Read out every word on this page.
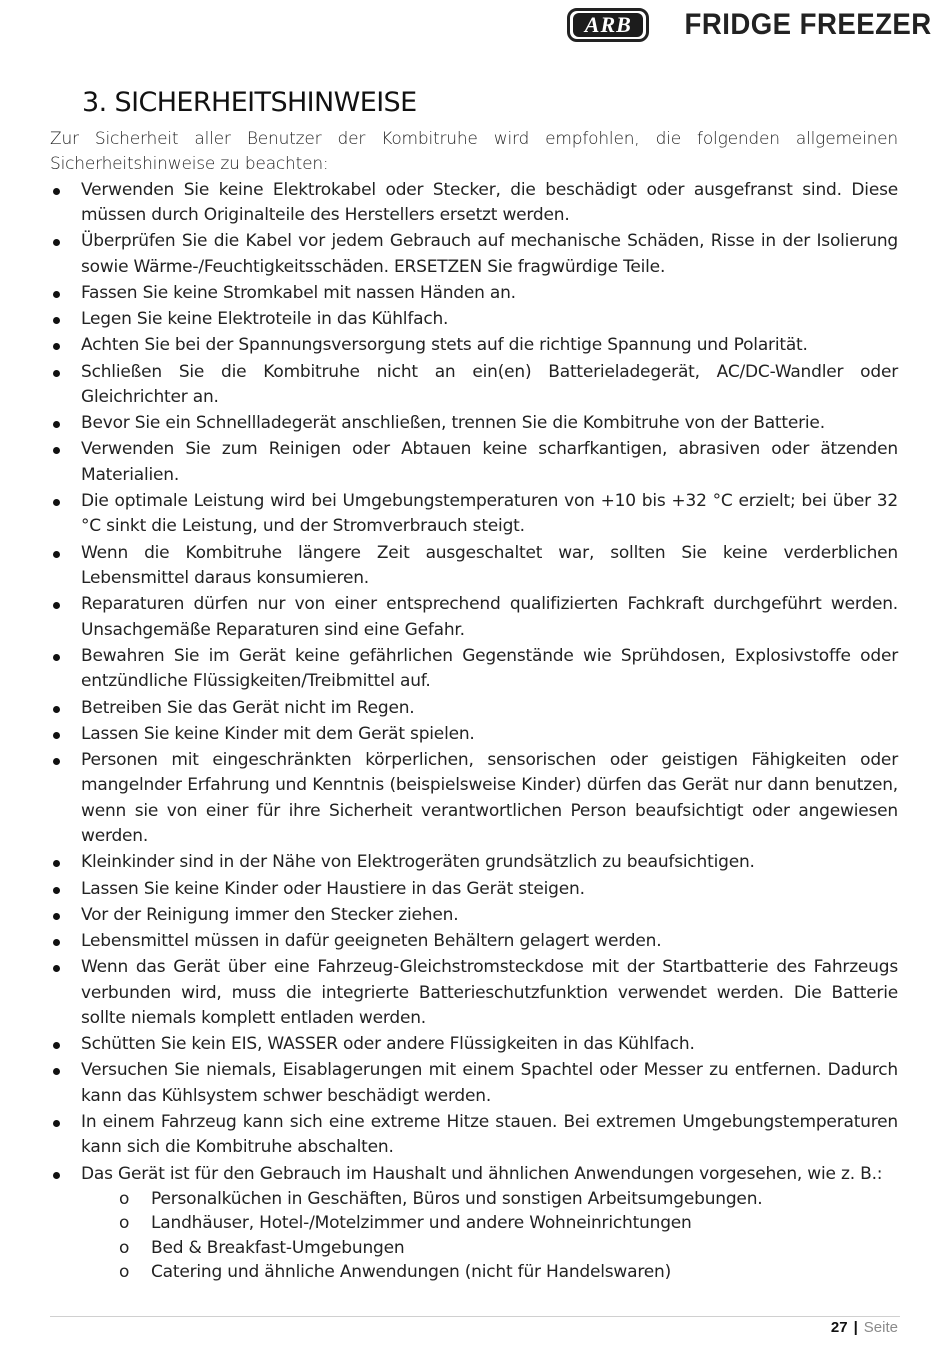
ARB	FRIDGE FREEZER
3. SICHERHEITSHINWEISE

Zur Sicherheit aller Benutzer der Kombitruhe wird empfohlen, die folgenden allgemeinen Sicherheitshinweise zu beachten:

Verwenden Sie keine Elektrokabel oder Stecker, die beschädigt oder ausgefranst sind. Diese müssen durch Originalteile des Herstellers ersetzt werden.
Überprüfen Sie die Kabel vor jedem Gebrauch auf mechanische Schäden, Risse in der Isolierung sowie Wärme-/Feuchtigkeitsschäden. ERSETZEN Sie fragwürdige Teile.
Fassen Sie keine Stromkabel mit nassen Händen an.
Legen Sie keine Elektroteile in das Kühlfach.
Achten Sie bei der Spannungsversorgung stets auf die richtige Spannung und Polarität.
Schließen Sie die Kombitruhe nicht an ein(en) Batterieladegerät, AC/DC-Wandler oder Gleichrichter an.
Bevor Sie ein Schnellladegerät anschließen, trennen Sie die Kombitruhe von der Batterie.
Verwenden Sie zum Reinigen oder Abtauen keine scharfkantigen, abrasiven oder ätzenden Materialien.
Die optimale Leistung wird bei Umgebungstemperaturen von +10 bis +32 °C erzielt; bei über 32 °C sinkt die Leistung, und der Stromverbrauch steigt.
Wenn die Kombitruhe längere Zeit ausgeschaltet war, sollten Sie keine verderblichen Lebensmittel daraus konsumieren.
Reparaturen dürfen nur von einer entsprechend qualifizierten Fachkraft durchgeführt werden. Unsachgemäße Reparaturen sind eine Gefahr.
Bewahren Sie im Gerät keine gefährlichen Gegenstände wie Sprühdosen, Explosivstoffe oder entzündliche Flüssigkeiten/Treibmittel auf.
Betreiben Sie das Gerät nicht im Regen.
Lassen Sie keine Kinder mit dem Gerät spielen.
Personen mit eingeschränkten körperlichen, sensorischen oder geistigen Fähigkeiten oder mangelnder Erfahrung und Kenntnis (beispielsweise Kinder) dürfen das Gerät nur dann benutzen, wenn sie von einer für ihre Sicherheit verantwortlichen Person beaufsichtigt oder angewiesen werden.
Kleinkinder sind in der Nähe von Elektrogeräten grundsätzlich zu beaufsichtigen.
Lassen Sie keine Kinder oder Haustiere in das Gerät steigen.
Vor der Reinigung immer den Stecker ziehen.
Lebensmittel müssen in dafür geeigneten Behältern gelagert werden.
Wenn das Gerät über eine Fahrzeug-Gleichstromsteckdose mit der Startbatterie des Fahrzeugs verbunden wird, muss die integrierte Batterieschutzfunktion verwendet werden. Die Batterie sollte niemals komplett entladen werden.
Schütten Sie kein EIS, WASSER oder andere Flüssigkeiten in das Kühlfach.
Versuchen Sie niemals, Eisablagerungen mit einem Spachtel oder Messer zu entfernen. Dadurch kann das Kühlsystem schwer beschädigt werden.
In einem Fahrzeug kann sich eine extreme Hitze stauen. Bei extremen Umgebungstemperaturen kann sich die Kombitruhe abschalten.
Das Gerät ist für den Gebrauch im Haushalt und ähnlichen Anwendungen vorgesehen, wie z. B.:
o Personalküchen in Geschäften, Büros und sonstigen Arbeitsumgebungen.
o Landhäuser, Hotel-/Motelzimmer und andere Wohneinrichtungen
o Bed & Breakfast-Umgebungen
o Catering und ähnliche Anwendungen (nicht für Handelswaren)
27 | Seite
